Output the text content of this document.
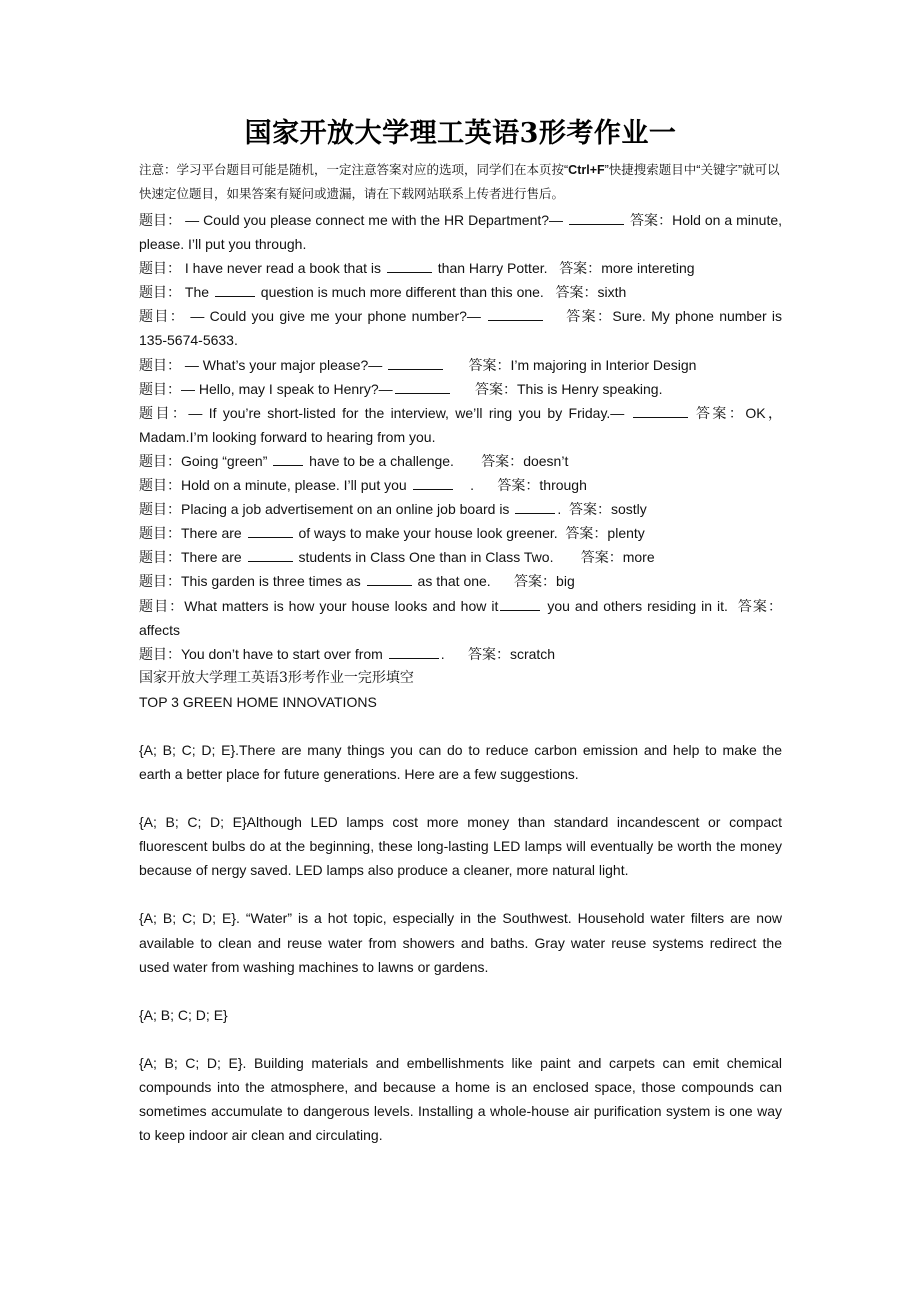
国家开放大学理工英语3形考作业一
注意：学习平台题目可能是随机，一定注意答案对应的选项，同学们在本页按“Ctrl+F”快捷搜索题目中“关键字”就可以快速定位题目，如果答案有疑问或遗漏，请在下载网站联系上传者进行售后。
题目： — Could you please connect me with the HR Department?—	答案：Hold on a minute, please. I’ll put you through.
题目： I have never read a book that is	than Harry Potter. 答案：more intereting
题目： The	question is much more different than this one. 答案：sixth
题目： — Could you give me your phone number?—	答案：Sure. My phone number is 135-5674-5633.
题目： — What’s your major please?—	答案：I’m majoring in Interior Design
题目：— Hello, may I speak to Henry?—	答案：This is Henry speaking.
题目：— If you’re short-listed for the interview, we’ll ring you by Friday.—	答案：OK，Madam.I’m looking forward to hearing from you.
题目：Going “green”	have to be a challenge. 答案：doesn’t
题目：Hold on a minute, please. I’ll put you	. 答案：through
题目：Placing a job advertisement on an online job board is	. 答案：sostly
题目：There are	of ways to make your house look greener. 答案：plenty
题目：There are	students in Class One than in Class Two. 答案：more
题目：This garden is three times as	as that one. 答案：big
题目：What matters is how your house looks and how it	you and others residing in it. 答案： affects
题目：You don’t have to start over from	. 答案：scratch
国家开放大学理工英语3形考作业一完形填空
TOP 3 GREEN HOME INNOVATIONS
{A; B; C; D; E}.There are many things you can do to reduce carbon emission and help to make the earth a better place for future generations. Here are a few suggestions.
{A; B; C; D; E}Although LED lamps cost more money than standard incandescent or compact fluorescent bulbs do at the beginning, these long-lasting LED lamps will eventually be worth the money because of nergy saved. LED lamps also produce a cleaner, more natural light.
{A; B; C; D; E}. “Water” is a hot topic, especially in the Southwest. Household water filters are now available to clean and reuse water from showers and baths. Gray water reuse systems redirect the used water from washing machines to lawns or gardens.
{A; B; C; D; E}
{A; B; C; D; E}. Building materials and embellishments like paint and carpets can emit chemical compounds into the atmosphere, and because a home is an enclosed space, those compounds can sometimes accumulate to dangerous levels. Installing a whole-house air purification system is one way to keep indoor air clean and circulating.
